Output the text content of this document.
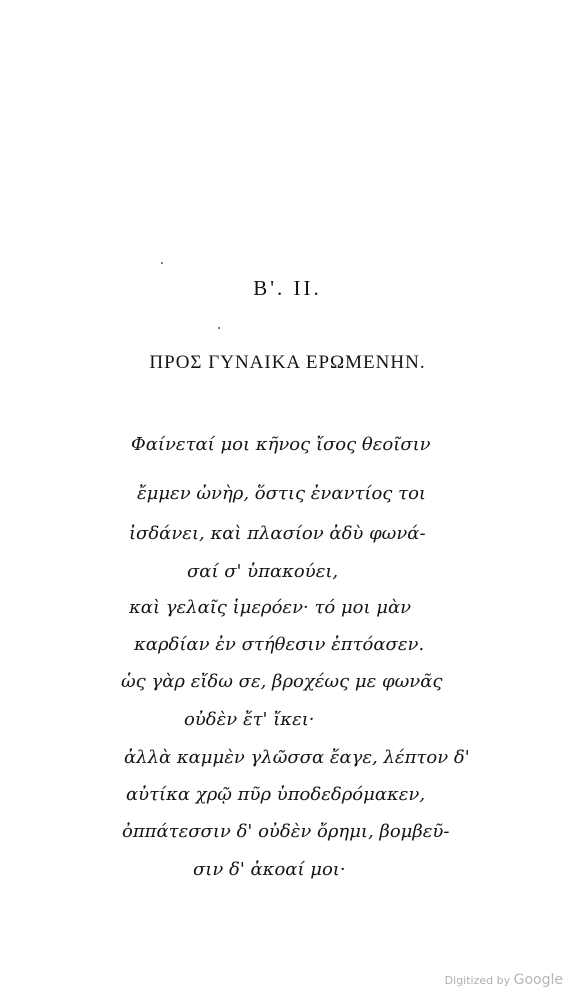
Β'. ΙΙ.
ΠΡΟΣ ΓΥΝΑΙΚΑ ΕΡΩΜΕΝΗΝ.
Φαίνεταί μοι κῆνος ἴσος θεοῖσιν
ἔμμεν ὠνὴρ, ὅστις ἐναντίος τοι
ἰσδάνει, καὶ πλασίον ἀδὺ φωνά-
σαί σ' ὑπακούει,
καὶ γελαῖς ἱμερόεν· τό μοι μὰν
καρδίαν ἐν στήθεσιν ἐπτόασεν.
ὡς γὰρ εἴδω σε, βροχέως με φωνᾶς
οὐδὲν ἔτ' ἴκει·
ἀλλὰ καμμὲν γλῶσσα ἔαγε, λέπτον δ'
αὐτίκα χρῷ πῦρ ὑποδεδρόμακεν,
ὀππάτεσσιν δ' οὐδὲν ὄρημι, βομβεῦ-
σιν δ' ἀκοαί μοι·
Digitized by Google
